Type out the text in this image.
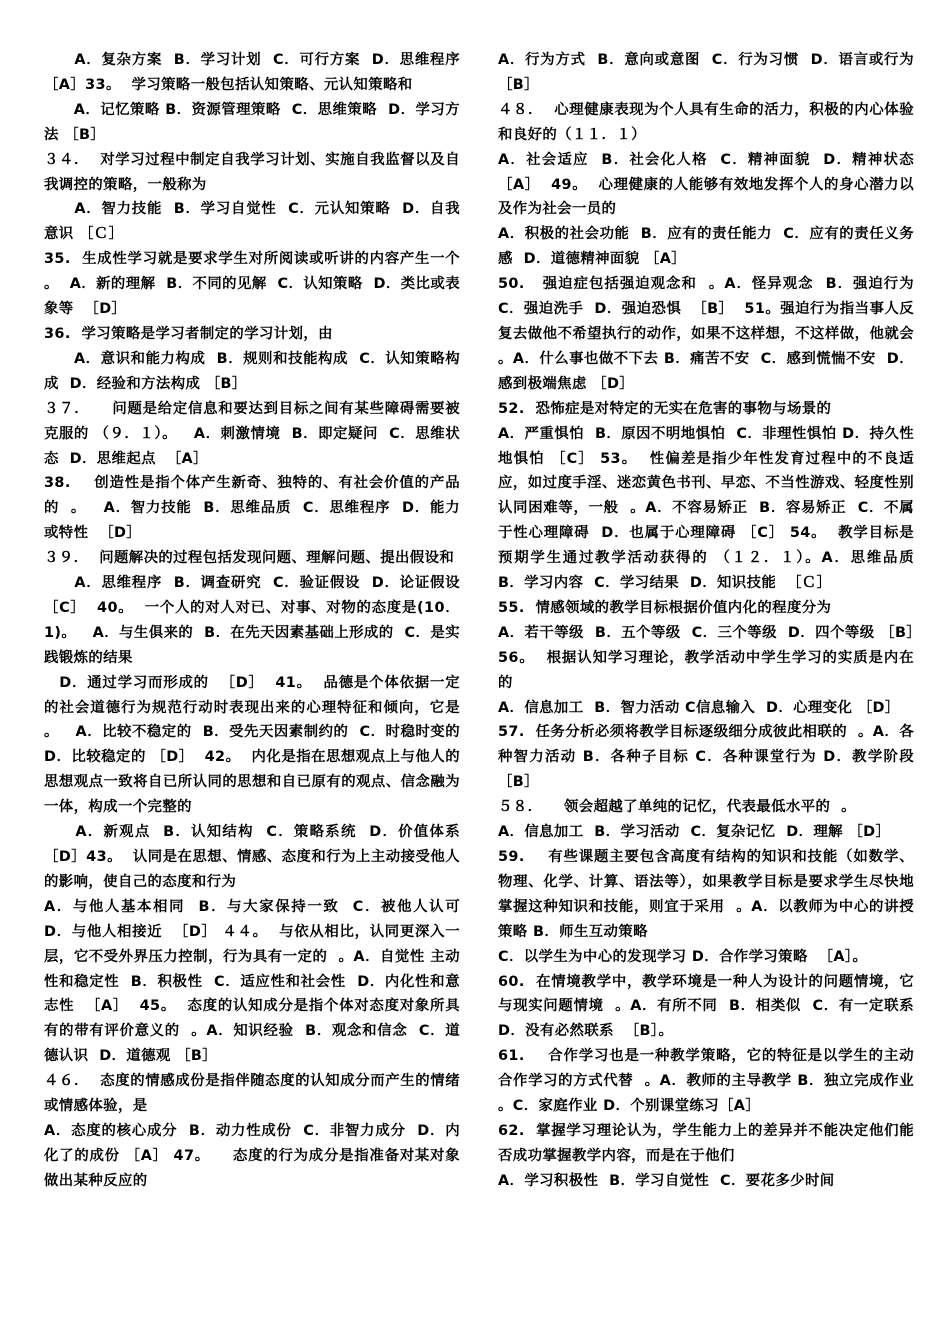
　　A．复杂方案  B．学习计划  C．可行方案  D．思维程序  ［A］33。  学习策略一般包括认知策略、元认知策略和

　　A．记忆策略 B．资源管理策略  C．思维策略  D．学习方法 ［B］

３４．  对学习过程中制定自我学习计划、实施自我监督以及自我调控的策略，一般称为

　　A．智力技能  B．学习自觉性  C．元认知策略  D．自我意识 ［Ｃ］

35.  生成性学习就是要求学生对所阅读或听讲的内容产生一个  。  A．新的理解  B．不同的见解  C．认知策略  D．类比或表象等  ［D］

36.  学习策略是学习者制定的学习计划，由

　　A．意识和能力构成  B．规则和技能构成  C．认知策略构成  D．经验和方法构成 ［B］

３７．    问题是给定信息和要达到目标之间有某些障碍需要被克服的 （９．１）。   A．刺激情境  B．即定疑问  C．思维状态  D．思维起点  ［A］

38.    创造性是指个体产生新奇、独特的、有社会价值的产品的  。   A．智力技能  B．思维品质  C．思维程序  D．能力或特性  ［D］

３９．  问题解决的过程包括发现问题、理解问题、提出假设和

　　A．思维程序  B．调查研究  C．验证假设  D．论证假设  ［C］  40。  一个人的对人对已、对事、对物的态度是(10．1)。   A．与生俱来的  B．在先天因素基础上形成的  C．是实践锻炼的结果

　D．通过学习而形成的  ［D］  41。  品德是个体依据一定的社会道德行为规范行动时表现出来的心理特征和倾向，它是  。   A．比较不稳定的  B．受先天因素制约的  C．时稳时变的  D．比较稳定的 ［D］  42。  内化是指在思想观点上与他人的思想观点一致将自已所认同的思想和自已原有的观点、信念融为一体，构成一个完整的

　　A．新观点  B．认知结构  C．策略系统  D．价值体系  ［D］43。  认同是在思想、情感、态度和行为上主动接受他人的影响，使自己的态度和行为

A．与他人基本相同  B．与大家保持一致  C．被他人认可  D．与他人相接近  ［D］ ４４。  与依从相比，认同更深入一层，它不受外界压力控制，行为具有一定的  。A．自觉性 主动性和稳定性  B．积极性  C．适应性和社会性  D．内化性和意志性  ［A］  45。  态度的认知成分是指个体对态度对象所具有的带有评价意义的  。A．知识经验  B．观念和信念  C．道德认识  D．道德观 ［B］

４６．  态度的情感成份是指伴随态度的认知成分而产生的情绪或情感体验，是

A．态度的核心成分  B．动力性成份  C．非智力成分  D．内化了的成份 ［A］ 47。    态度的行为成分是指准备对某对象做出某种反应的

A．行为方式  B．意向或意图  C．行为习惯  D．语言或行为 ［B］

４８．  心理健康表现为个人具有生命的活力，积极的内心体验和良好的（１１．１）

A．社会适应  B．社会化人格  C．精神面貌  D．精神状态 ［A］  49。  心理健康的人能够有效地发挥个人的身心潜力以及作为社会一员的

A．积极的社会功能  B．应有的责任能力  C．应有的责任义务感  D．道德精神面貌 ［A］

50.   强迫症包括强迫观念和  。A．怪异观念  B．强迫行为  C．强迫洗手  D．强迫恐惧  ［B］  51。强迫行为指当事人反复去做他不希望执行的动作，如果不这样想，不这样做，他就会  。A．什么事也做不下去 B．痛苦不安  C．感到慌惴不安  D．感到极端焦虑 ［D］

52.  恐怖症是对特定的无实在危害的事物与场景的

A．严重惧怕  B．原因不明地惧怕  C．非理性惧怕 D．持久性地惧怕 ［C］ 53。  性偏差是指少年性发育过程中的不良适应，如过度手淫、迷恋黄色书刊、早恋、不当性游戏、轻度性别认同困难等，一般  。A．不容易矫正  B．容易矫正  C．不属于性心理障碍  D．也属于心理障碍 ［C］ 54。  教学目标是预期学生通过教学活动获得的 （１２．１）。A．思维品质  B．学习内容  C．学习结果  D．知识技能  ［Ｃ］

55.  情感领域的教学目标根据价值内化的程度分为

A．若干等级  B．五个等级  C．三个等级  D．四个等级 ［B］56。  根据认知学习理论，教学活动中学生学习的实质是内在的

A．信息加工  B．智力活动 C信息输入  D．心理变化 ［D］

57.  任务分析必须将教学目标逐级细分成彼此相联的  。A．各种智力活动 B．各种子目标 C．各种课堂行为 D．教学阶段  ［B］

５８．    领会超越了单纯的记忆，代表最低水平的  。

A．信息加工  B．学习活动  C．复杂记忆  D．理解 ［D］

59.    有些课题主要包含高度有结构的知识和技能（如数学、物理、化学、计算、语法等），如果教学目标是要求学生尽快地掌握这种知识和技能，则宜于采用  。A．以教师为中心的讲授策略 B．师生互动策略

C．以学生为中心的发现学习 D．合作学习策略  ［A］。

60.  在情境教学中，教学环境是一种人为设计的问题情境，它与现实问题情境  。A．有所不同  B．相类似  C．有一定联系  D．没有必然联系  ［B］。

61.    合作学习也是一种教学策略，它的特征是以学生的主动合作学习的方式代替  。A．教师的主导教学 B．独立完成作业 。C．家庭作业 D．个别课堂练习［A］

62.  掌握学习理论认为，学生能力上的差异并不能决定他们能否成功掌握教学内容，而是在于他们

A．学习积极性  B．学习自觉性  C．要花多少时间
